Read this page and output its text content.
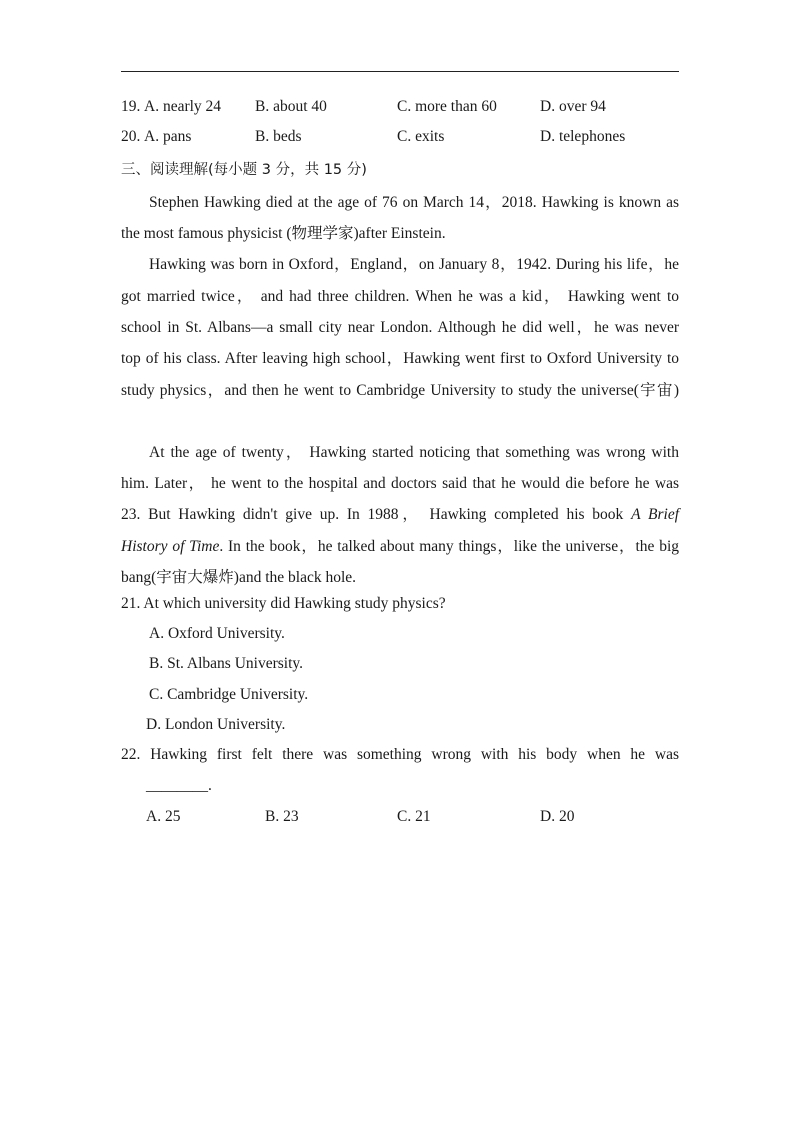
19. A. nearly 24 B. about 40	C. more than 60	D. over 94
20. A. pans	B. beds	C. exits	D. telephones
三、阅读理解(每小题 3 分，共 15 分)
Stephen Hawking died at the age of 76 on March 14，2018. Hawking is known as
the most famous physicist (物理学家)after Einstein.
Hawking was born in Oxford，England，on January 8，1942. During his life，he
got married twice， and had three children. When he was a kid， Hawking went to
school in St. Albans—a small city near London. Although he did well，he was never
top of his class. After leaving high school，Hawking went first to Oxford University to
study physics，and then he went to Cambridge University to study the universe(宇宙)
At the age of twenty， Hawking started noticing that something was wrong with
him. Later， he went to the hospital and doctors said that he would die before he was
23. But Hawking didn't give up. In 1988， Hawking completed his book A Brief
History of Time. In the book，he talked about many things，like the universe，the big
bang(宇宙大爆炸)and the black hole.
21. At which university did Hawking study physics?
A. Oxford University.
B. St. Albans University.
C. Cambridge University.
D. London University.
22. Hawking first felt there was something wrong with his body when he was
________.
A. 25	B. 23	C. 21	D. 20
